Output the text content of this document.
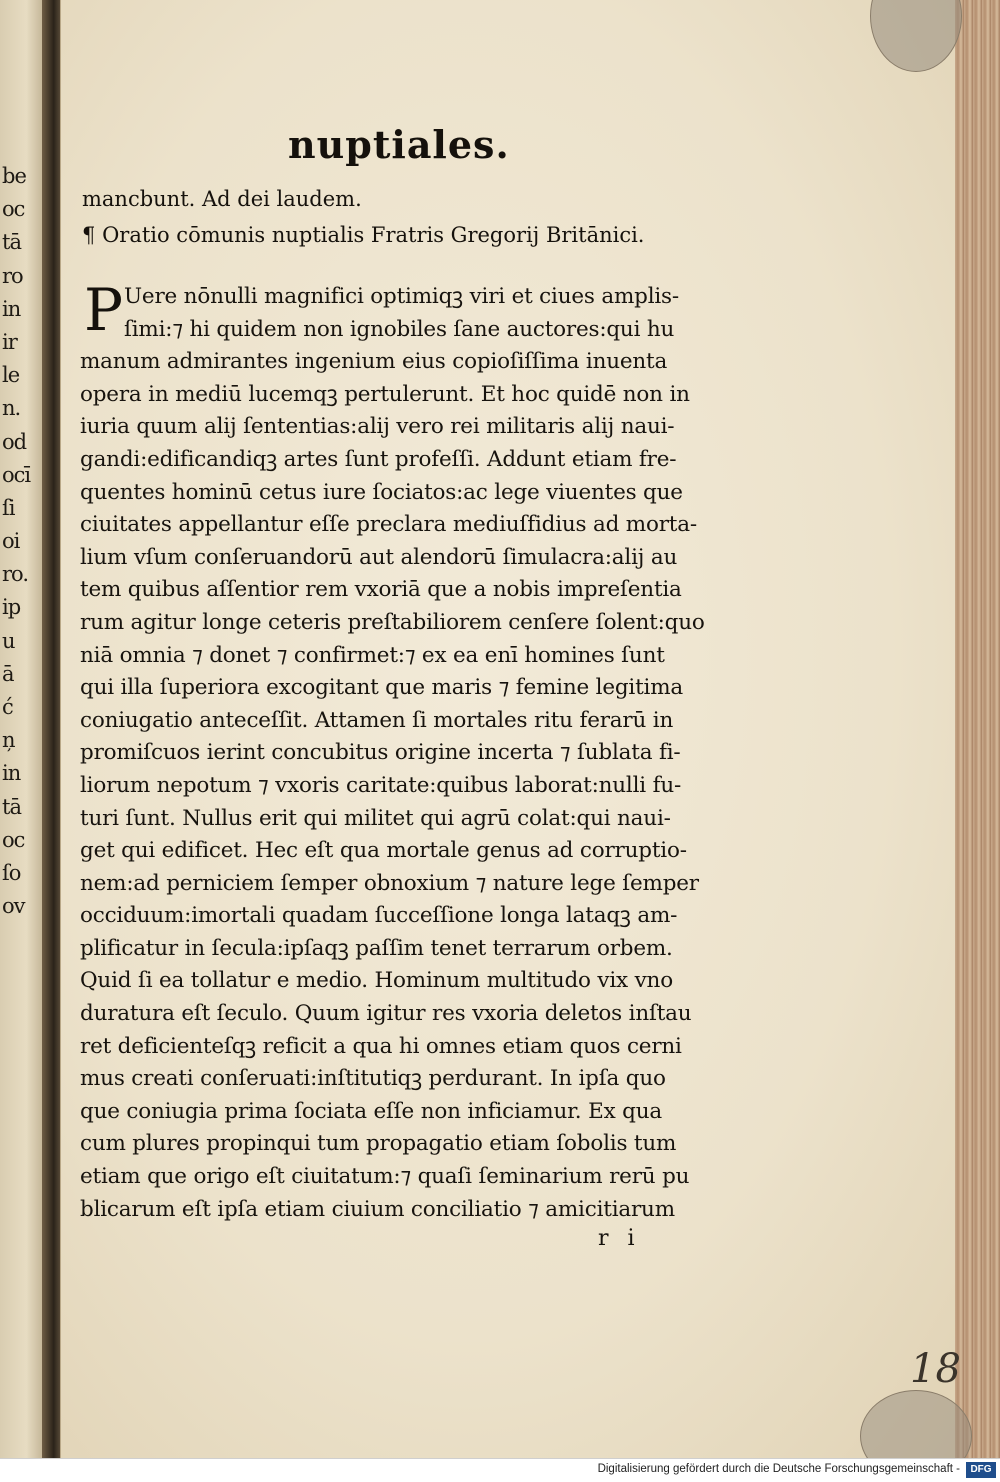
be
oc
tā
ro
in
ir
le
n.
od
ocī
ſi
oi
ro.
ip
u
ā
ć
ņ
in
tā
oc
ſo
ov
nuptiales.
mancbunt. Ad dei laudem.
¶ Oratio cōmunis nuptialis Fratris Gregorij Britānici.
P Uere nōnulli magnifici optimiqꝫ viri et ciues amplis-
ſimi:⁊ hi quidem non ignobiles ſane auctores:qui hu
manum admirantes ingenium eius copioſiſſima inuenta
opera in mediū lucemqꝫ pertulerunt. Et hoc quidē non in
iuria quum alij ſententias:alij vero rei militaris alij naui-
gandi:edificandiqꝫ artes ſunt profeſſi. Addunt etiam fre-
quentes hominū cetus iure ſociatos:ac lege viuentes que
ciuitates appellantur eſſe preclara mediuſfidius ad morta-
lium vſum conſeruandorū aut alendorū ſimulacra:alij au
tem quibus aſſentior rem vxoriā que a nobis impreſentia
rum agitur longe ceteris preſtabiliorem cenſere ſolent:quo
niā omnia ⁊ donet ⁊ confirmet:⁊ ex ea enī homines ſunt
qui illa ſuperiora excogitant que maris ⁊ femine legitima
coniugatio anteceſſit. Attamen ſi mortales ritu ferarū in
promiſcuos ierint concubitus origine incerta ⁊ ſublata fi-
liorum nepotum ⁊ vxoris caritate:quibus laborat:nulli fu-
turi ſunt. Nullus erit qui militet qui agrū colat:qui naui-
get qui edificet. Hec eſt qua mortale genus ad corruptio-
nem:ad perniciem ſemper obnoxium ⁊ nature lege ſemper
occiduum:imortali quadam ſucceſſione longa lataqꝫ am-
plificatur in ſecula:ipſaqꝫ paſſim tenet terrarum orbem.
Quid ſi ea tollatur e medio. Hominum multitudo vix vno
duratura eſt ſeculo. Quum igitur res vxoria deletos inſtau
ret deficienteſqꝫ reficit a qua hi omnes etiam quos cerni
mus creati conſeruati:inſtitutiqꝫ perdurant. In ipſa quo
que coniugia prima ſociata eſſe non inficiamur. Ex qua
cum plures propinqui tum propagatio etiam ſobolis tum
etiam que origo eſt ciuitatum:⁊ quaſi ſeminarium rerū pu
blicarum eſt ipſa etiam ciuium conciliatio ⁊ amicitiarum
r i
18
Digitalisierung gefördert durch die Deutsche Forschungsgemeinschaft -	DFG
